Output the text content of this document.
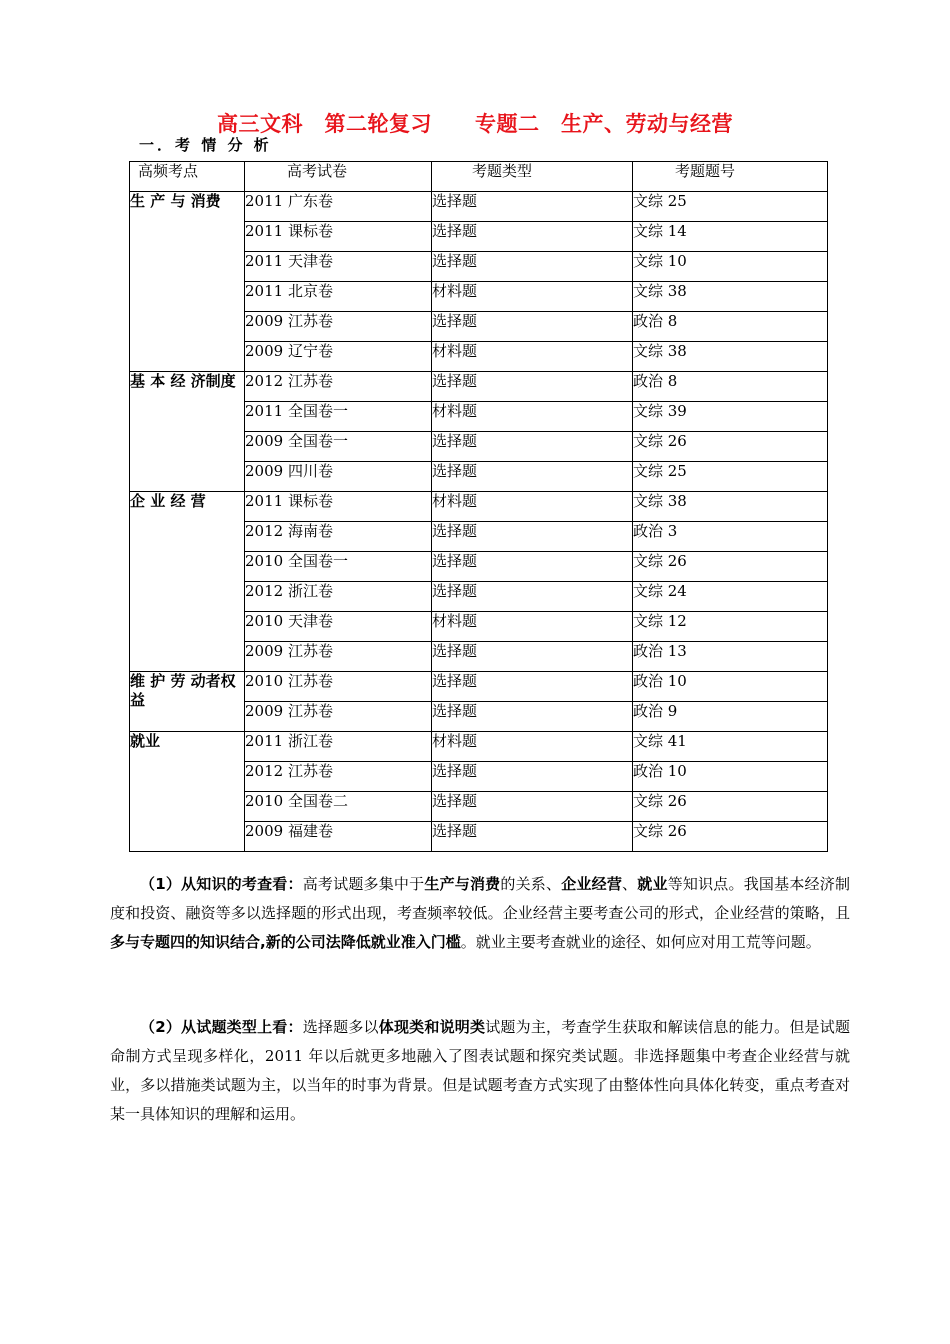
高三文科　第二轮复习　　专题二　生产、劳动与经营
一．考 情 分 析
高频考点	高考试卷	考题类型	考题题号
生 产 与 消费	2011 广东卷	选择题	文综 25
	2011 课标卷	选择题	文综 14
	2011 天津卷	选择题	文综 10
	2011 北京卷	材料题	文综 38
	2009 江苏卷	选择题	政治 8
	2009 辽宁卷	材料题	文综 38
基 本 经 济制度	2012 江苏卷	选择题	政治 8
	2011 全国卷一	材料题	文综 39
	2009 全国卷一	选择题	文综 26
	2009 四川卷	选择题	文综 25
企 业 经 营	2011 课标卷	材料题	文综 38
	2012 海南卷	选择题	政治 3
	2010 全国卷一	选择题	文综 26
	2012 浙江卷	选择题	文综 24
	2010 天津卷	材料题	文综 12
	2009 江苏卷	选择题	政治 13
维 护 劳 动者权益	2010 江苏卷	选择题	政治 10
	2009 江苏卷	选择题	政治 9
就业	2011 浙江卷	材料题	文综 41
	2012 江苏卷	选择题	政治 10
	2010 全国卷二	选择题	文综 26
	2009 福建卷	选择题	文综 26
（1）从知识的考查看：高考试题多集中于生产与消费的关系、企业经营、就业等知识点。我国基本经济制度和投资、融资等多以选择题的形式出现，考查频率较低。企业经营主要考查公司的形式，企业经营的策略，且多与专题四的知识结合,新的公司法降低就业准入门槛。就业主要考查就业的途径、如何应对用工荒等问题。
（2）从试题类型上看：选择题多以体现类和说明类试题为主，考查学生获取和解读信息的能力。但是试题命制方式呈现多样化，2011 年以后就更多地融入了图表试题和探究类试题。非选择题集中考查企业经营与就业，多以措施类试题为主，以当年的时事为背景。但是试题考查方式实现了由整体性向具体化转变，重点考查对某一具体知识的理解和运用。
